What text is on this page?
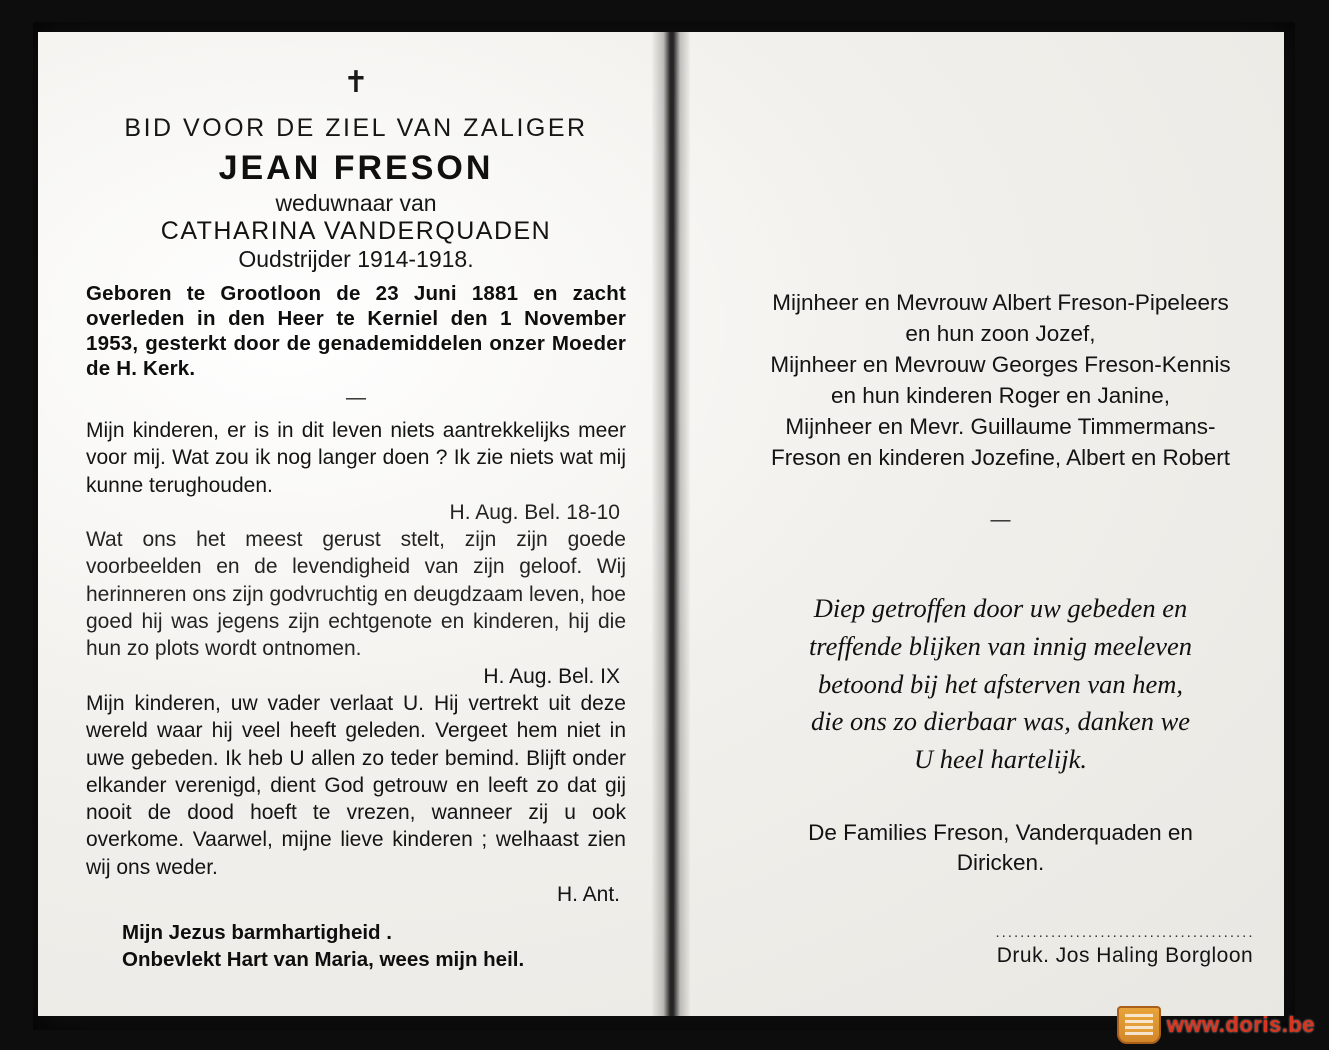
✝
BID VOOR DE ZIEL VAN ZALIGER
JEAN FRESON
weduwnaar van
CATHARINA VANDERQUADEN
Oudstrijder 1914-1918.
Geboren te Grootloon de 23 Juni 1881 en zacht overleden in den Heer te Kerniel den 1 November 1953, gesterkt door de genademiddelen onzer Moeder de H. Kerk.
—

Mijn kinderen, er is in dit leven niets aantrekkelijks meer voor mij. Wat zou ik nog langer doen ? Ik zie niets wat mij kunne terughouden.

H. Aug. Bel. 18-10

Wat ons het meest gerust stelt, zijn zijn goede voorbeelden en de levendigheid van zijn geloof. Wij herinneren ons zijn godvruchtig en deugdzaam leven, hoe goed hij was jegens zijn echtgenote en kinderen, hij die hun zo plots wordt ontnomen.

H. Aug. Bel. IX

Mijn kinderen, uw vader verlaat U. Hij vertrekt uit deze wereld waar hij veel heeft geleden. Vergeet hem niet in uwe gebeden. Ik heb U allen zo teder bemind. Blijft onder elkander verenigd, dient God getrouw en leeft zo dat gij nooit de dood hoeft te vrezen, wanneer zij u ook overkome. Vaarwel, mijne lieve kinderen ; welhaast zien wij ons weder.

H. Ant.

Mijn Jezus barmhartigheid .
Onbevlekt Hart van Maria, wees mijn heil.
Mijnheer en Mevrouw Albert Freson-Pipeleers
en hun zoon Jozef,
Mijnheer en Mevrouw Georges Freson-Kennis
en hun kinderen Roger en Janine,
Mijnheer en Mevr. Guillaume Timmermans-
Freson en kinderen Jozefine, Albert en Robert
—
Diep getroffen door uw gebeden en
treffende blijken van innig meeleven
betoond bij het afsterven van hem,
die ons zo dierbaar was, danken we
U heel hartelijk.
De Families Freson, Vanderquaden en
Diricken.
..........................................
Druk. Jos Haling Borgloon
www.doris.be
